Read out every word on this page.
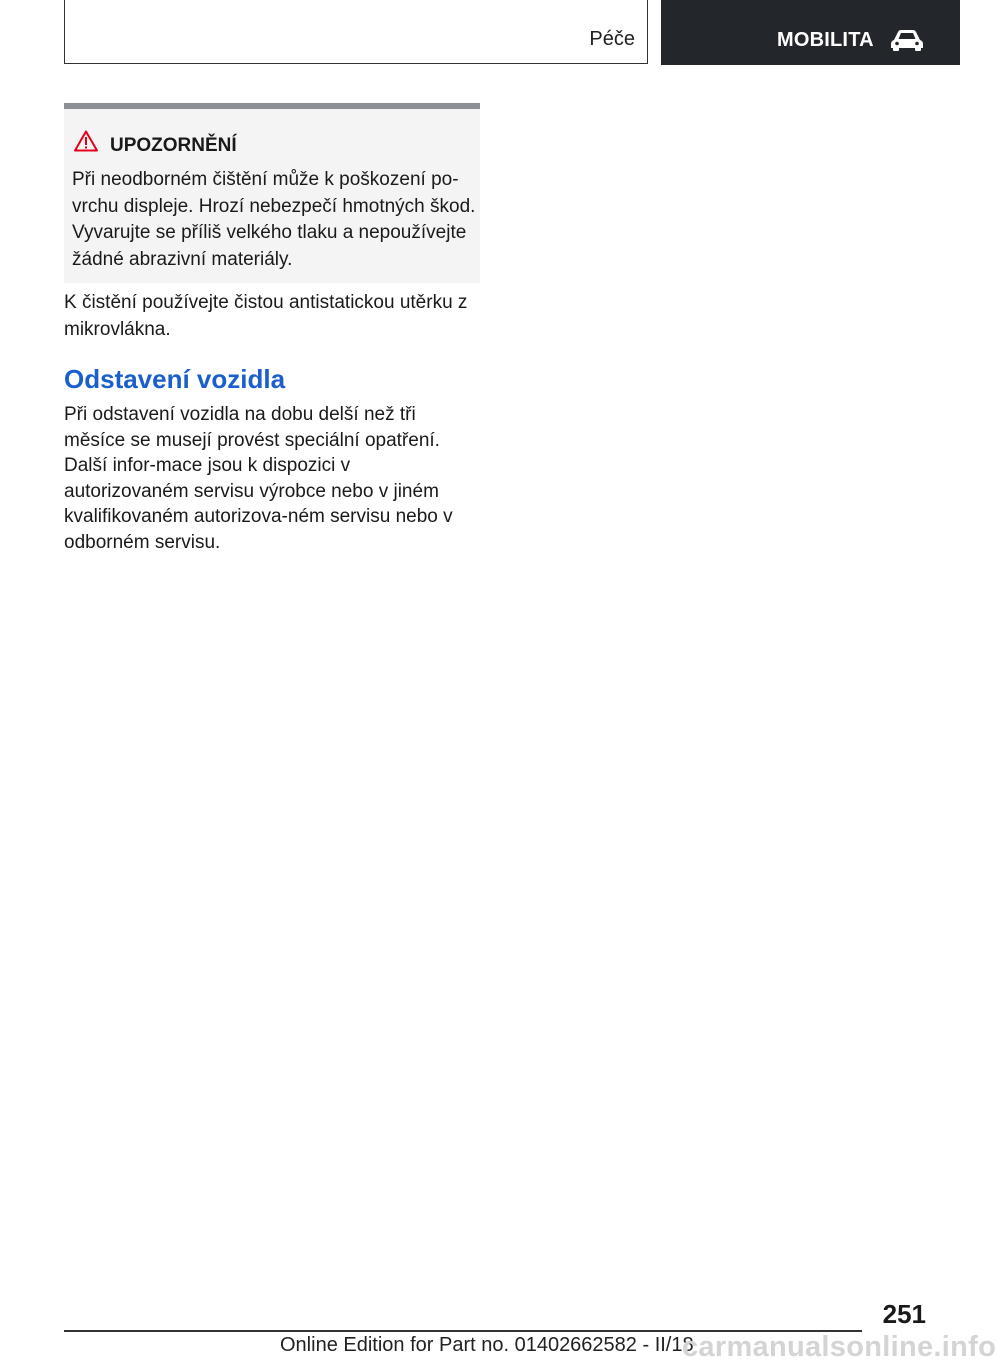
Péče	MOBILITA
UPOZORNĚNÍ
Při neodborném čištění může k poškození po-vrchu displeje. Hrozí nebezpečí hmotných škod. Vyvarujte se příliš velkého tlaku a nepoužívejte žádné abrazivní materiály.
K čistění používejte čistou antistatickou utěrku z mikrovlákna.
Odstavení vozidla
Při odstavení vozidla na dobu delší než tři měsíce se musejí provést speciální opatření. Další infor-mace jsou k dispozici v autorizovaném servisu výrobce nebo v jiném kvalifikovaném autorizova-ném servisu nebo v odborném servisu.
251
Online Edition for Part no. 01402662582 - II/18
carmanualsonline.info
